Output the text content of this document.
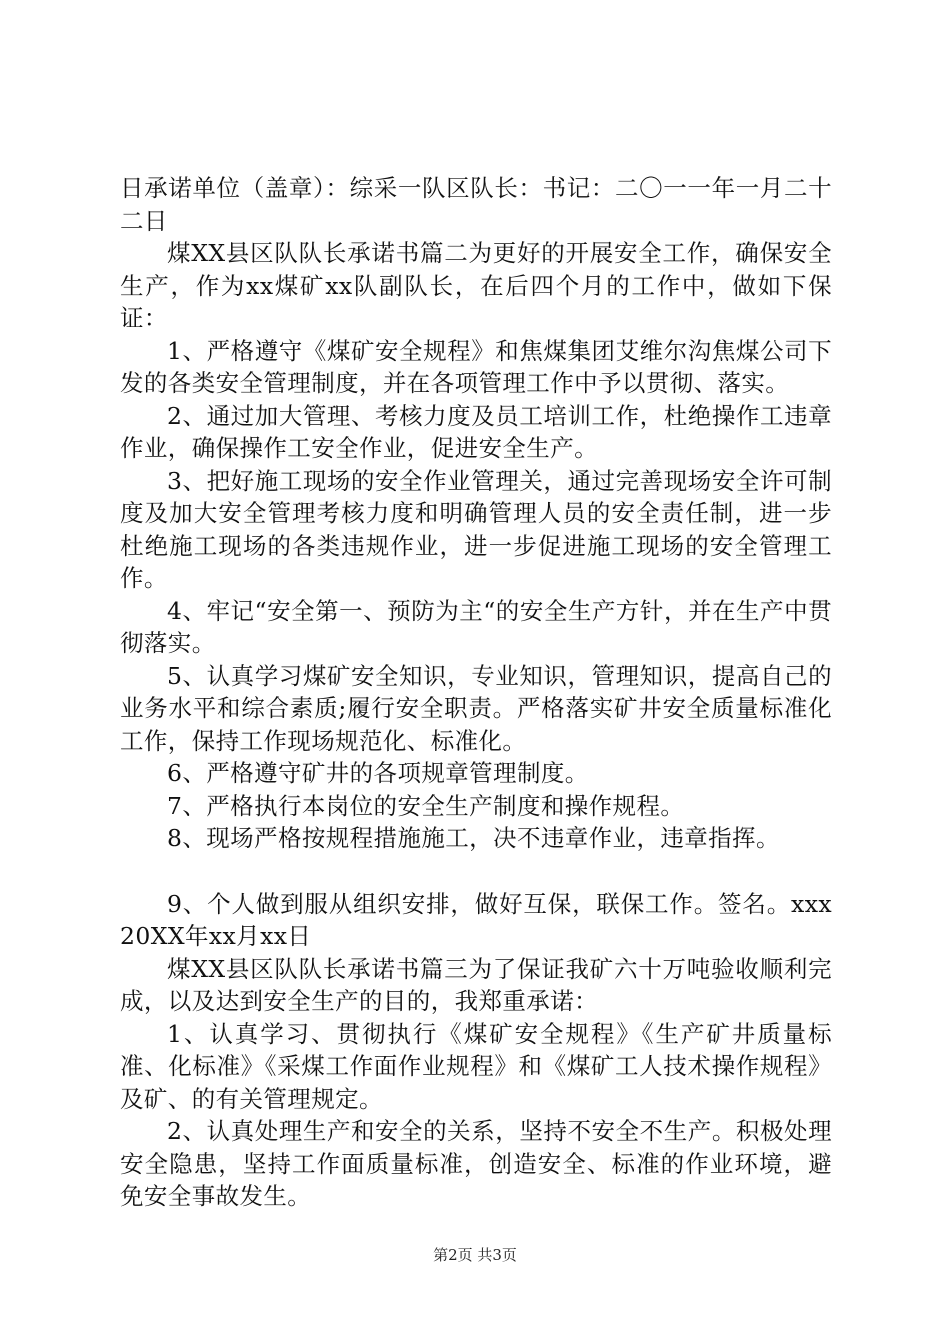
日承诺单位（盖章）：综采一队区队长：书记：二〇一一年一月二十二日

煤XX县区队队长承诺书篇二为更好的开展安全工作，确保安全生产，作为xx煤矿xx队副队长，在后四个月的工作中，做如下保证：

1、严格遵守《煤矿安全规程》和焦煤集团艾维尔沟焦煤公司下发的各类安全管理制度，并在各项管理工作中予以贯彻、落实。

2、通过加大管理、考核力度及员工培训工作，杜绝操作工违章作业，确保操作工安全作业，促进安全生产。

3、把好施工现场的安全作业管理关，通过完善现场安全许可制度及加大安全管理考核力度和明确管理人员的安全责任制，进一步杜绝施工现场的各类违规作业，进一步促进施工现场的安全管理工作。

4、牢记“安全第一、预防为主“的安全生产方针，并在生产中贯彻落实。

5、认真学习煤矿安全知识，专业知识，管理知识，提高自己的业务水平和综合素质;履行安全职责。严格落实矿井安全质量标准化工作，保持工作现场规范化、标准化。

6、严格遵守矿井的各项规章管理制度。

7、严格执行本岗位的安全生产制度和操作规程。

8、现场严格按规程措施施工，决不违章作业，违章指挥。

9、个人做到服从组织安排，做好互保，联保工作。签名。xxx20XX年xx月xx日

煤XX县区队队长承诺书篇三为了保证我矿六十万吨验收顺利完成，以及达到安全生产的目的，我郑重承诺：

1、认真学习、贯彻执行《煤矿安全规程》《生产矿井质量标准、化标准》《采煤工作面作业规程》和《煤矿工人技术操作规程》及矿、的有关管理规定。

2、认真处理生产和安全的关系，坚持不安全不生产。积极处理安全隐患，坚持工作面质量标准，创造安全、标准的作业环境，避免安全事故发生。

第2页 共3页
